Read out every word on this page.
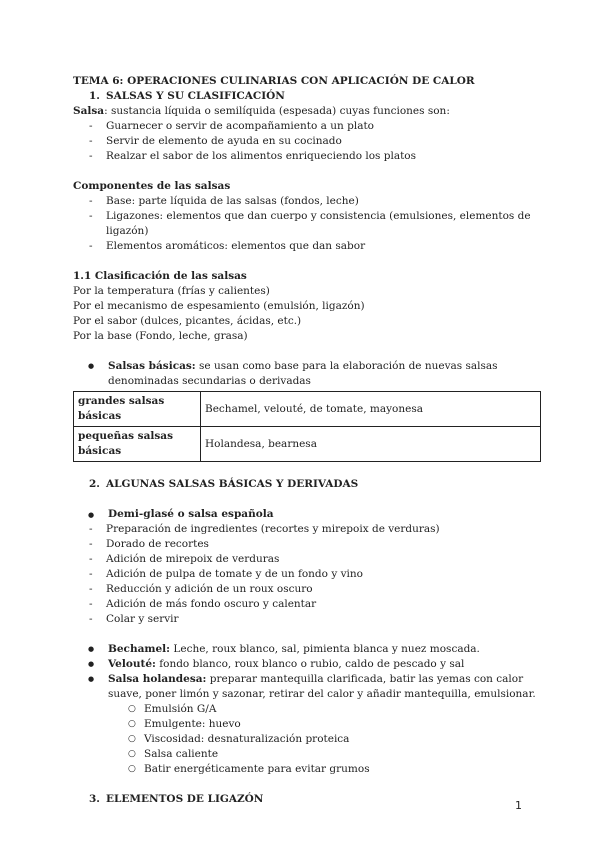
TEMA 6: OPERACIONES CULINARIAS CON APLICACIÓN DE CALOR
1. SALSAS Y SU CLASIFICACIÓN
Salsa: sustancia líquida o semilíquida (espesada) cuyas funciones son:
- Guarnecer o servir de acompañamiento a un plato
- Servir de elemento de ayuda en su cocinado
- Realzar el sabor de los alimentos enriqueciendo los platos
Componentes de las salsas
- Base: parte líquida de las salsas (fondos, leche)
- Ligazones: elementos que dan cuerpo y consistencia (emulsiones, elementos de ligazón)
- Elementos aromáticos: elementos que dan sabor
1.1 Clasificación de las salsas
Por la temperatura (frías y calientes)
Por el mecanismo de espesamiento (emulsión, ligazón)
Por el sabor (dulces, picantes, ácidas, etc.)
Por la base (Fondo, leche, grasa)
● Salsas básicas: se usan como base para la elaboración de nuevas salsas denominadas secundarias o derivadas
grandes salsas básicas	Bechamel, velouté, de tomate, mayonesa
pequeñas salsas básicas	Holandesa, bearnesa
2. ALGUNAS SALSAS BÁSICAS Y DERIVADAS
● Demi-glasé o salsa española
- Preparación de ingredientes (recortes y mirepoix de verduras)
- Dorado de recortes
- Adición de mirepoix de verduras
- Adición de pulpa de tomate y de un fondo y vino
- Reducción y adición de un roux oscuro
- Adición de más fondo oscuro y calentar
- Colar y servir
● Bechamel: Leche, roux blanco, sal, pimienta blanca y nuez moscada.
● Velouté: fondo blanco, roux blanco o rubio, caldo de pescado y sal
● Salsa holandesa: preparar mantequilla clarificada, batir las yemas con calor suave, poner limón y sazonar, retirar del calor y añadir mantequilla, emulsionar.
○ Emulsión G/A
○ Emulgente: huevo
○ Viscosidad: desnaturalización proteica
○ Salsa caliente
○ Batir energéticamente para evitar grumos
3. ELEMENTOS DE LIGAZÓN	1
